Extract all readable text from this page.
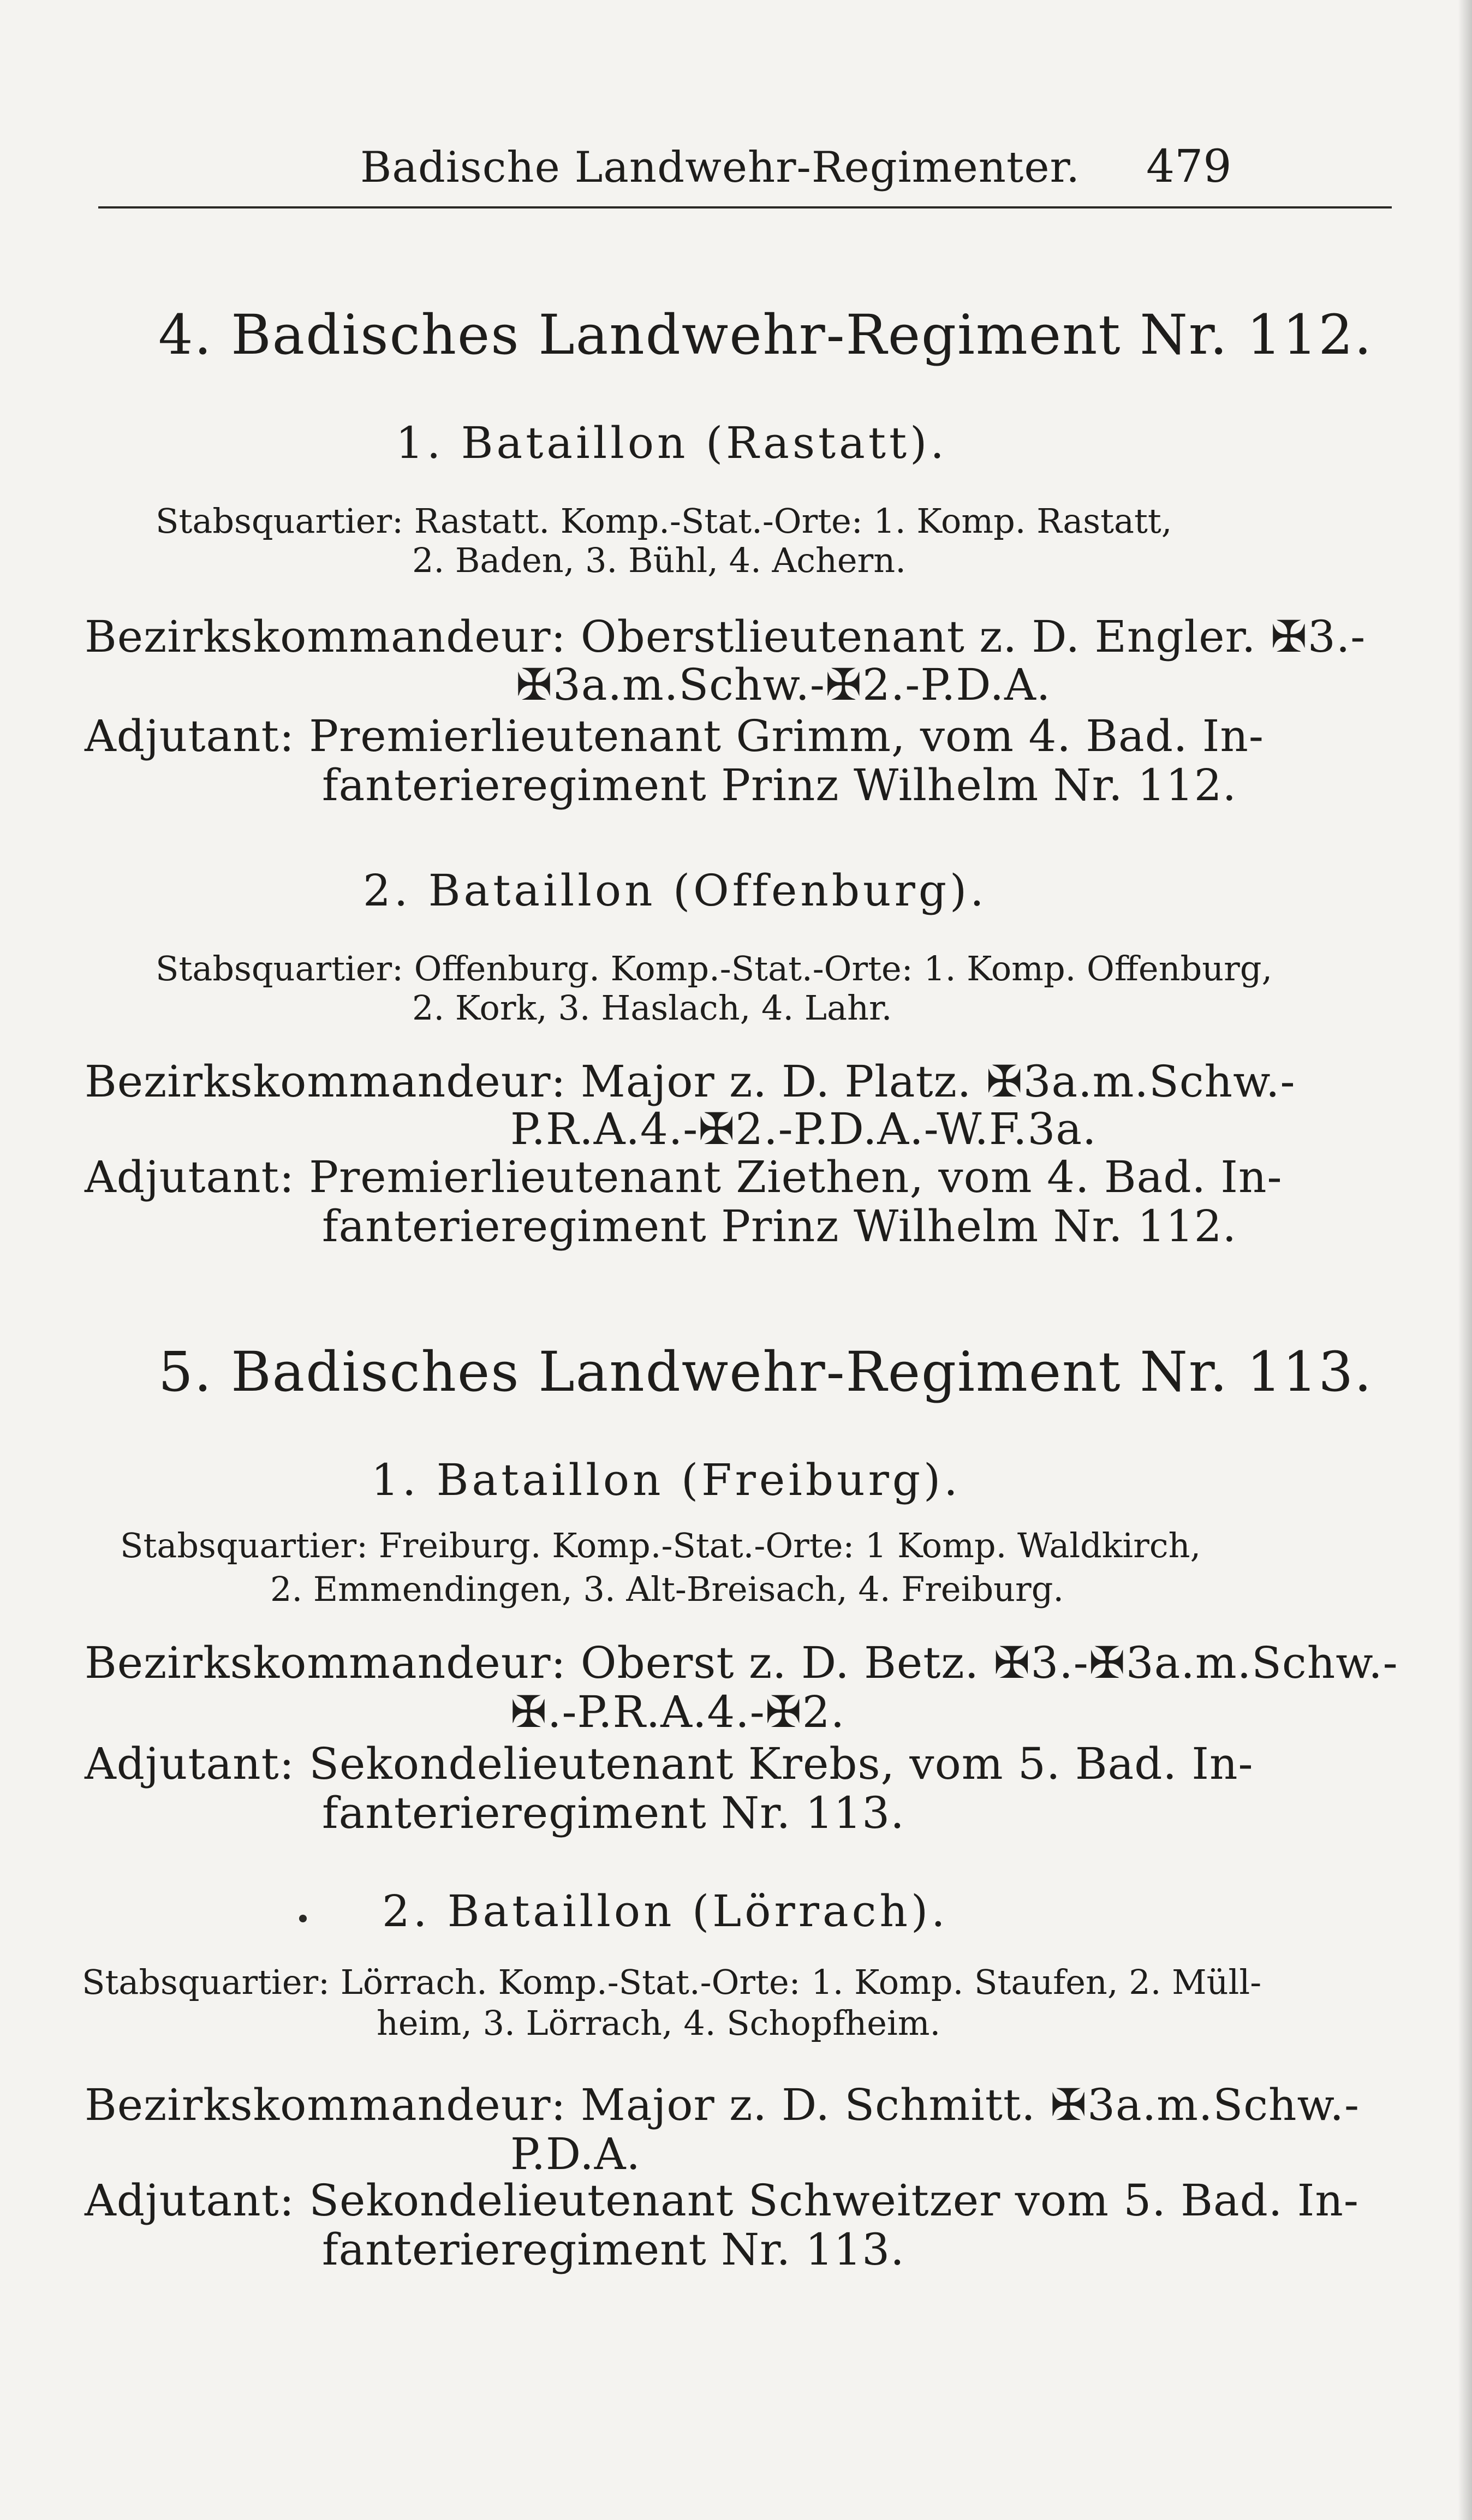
Badische Landwehr-Regimenter. 479
4. Badisches Landwehr-Regiment Nr. 112.
1. Bataillon (Rastatt).
Stabsquartier: Rastatt. Komp.-Stat.-Orte: 1. Komp. Rastatt,
2. Baden, 3. Bühl, 4. Achern.
Bezirkskommandeur: Oberstlieutenant z. D. Engler. ✠3.-
✠3a.m.Schw.-✠2.-P.D.A.
Adjutant: Premierlieutenant Grimm, vom 4. Bad. In-
fanterieregiment Prinz Wilhelm Nr. 112.
2. Bataillon (Offenburg).
Stabsquartier: Offenburg. Komp.-Stat.-Orte: 1. Komp. Offenburg,
2. Kork, 3. Haslach, 4. Lahr.
Bezirkskommandeur: Major z. D. Platz. ✠3a.m.Schw.-
P.R.A.4.-✠2.-P.D.A.-W.F.3a.
Adjutant: Premierlieutenant Ziethen, vom 4. Bad. In-
fanterieregiment Prinz Wilhelm Nr. 112.
5. Badisches Landwehr-Regiment Nr. 113.
1. Bataillon (Freiburg).
Stabsquartier: Freiburg. Komp.-Stat.-Orte: 1 Komp. Waldkirch,
2. Emmendingen, 3. Alt-Breisach, 4. Freiburg.
Bezirkskommandeur: Oberst z. D. Betz. ✠3.-✠3a.m.Schw.-
✠.-P.R.A.4.-✠2.
Adjutant: Sekondelieutenant Krebs, vom 5. Bad. In-
fanterieregiment Nr. 113.
2. Bataillon (Lörrach).
Stabsquartier: Lörrach. Komp.-Stat.-Orte: 1. Komp. Staufen, 2. Müll-
heim, 3. Lörrach, 4. Schopfheim.
Bezirkskommandeur: Major z. D. Schmitt. ✠3a.m.Schw.-
P.D.A.
Adjutant: Sekondelieutenant Schweitzer vom 5. Bad. In-
fanterieregiment Nr. 113.
